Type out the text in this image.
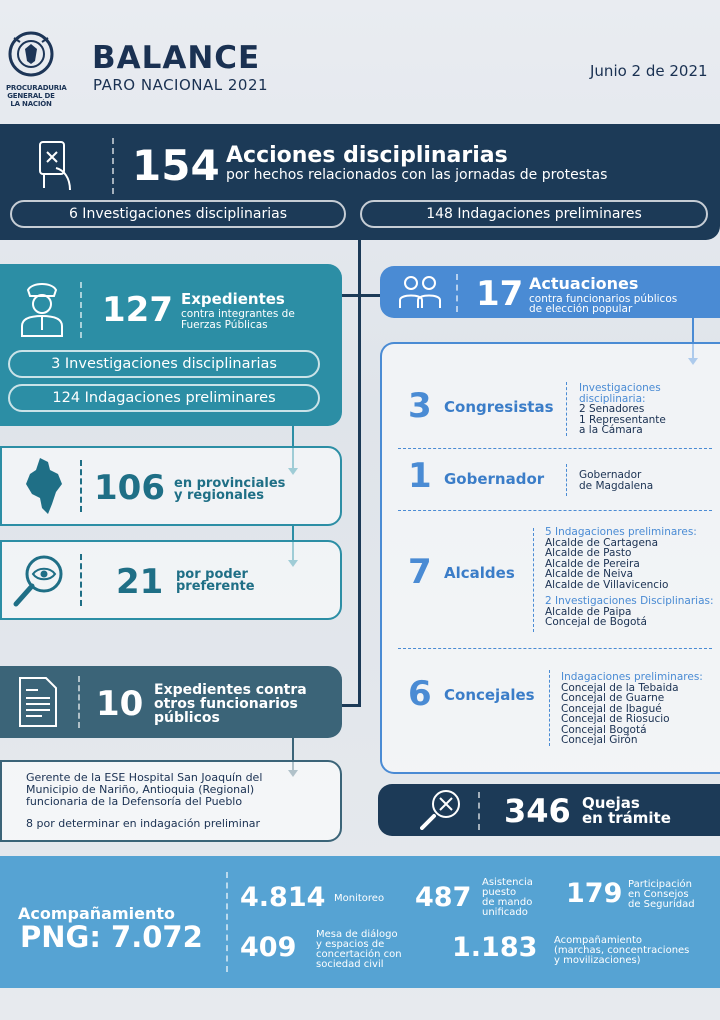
PROCURADURIA
GENERAL DE LA NACIÓN
BALANCE
PARO NACIONAL 2021
Junio 2 de 2021
154 Acciones disciplinarias
por hechos relacionados con las jornadas de protestas
6 Investigaciones disciplinarias	148 Indagaciones preliminares
127 Expedientes
contra integrantes de
Fuerzas Públicas
3 Investigaciones disciplinarias
124 Indagaciones preliminares
106 en provinciales
y regionales
21 por poder
preferente
10 Expedientes contra
otros funcionarios
públicos
Gerente de la ESE Hospital San Joaquín del
Municipio de Nariño, Antioquia (Regional)
funcionaria de la Defensoría del Pueblo
8 por determinar en indagación preliminar
17 Actuaciones
contra funcionarios públicos
de elección popular
3 Congresistas
Investigaciones
disciplinaria:
2 Senadores
1 Representante
a la Cámara
1 Gobernador	Gobernador
de Magdalena
7 Alcaldes
5 Indagaciones preliminares:
Alcalde de Cartagena
Alcalde de Pasto
Alcalde de Pereira
Alcalde de Neiva
Alcalde de Villavicencio
2 Investigaciones Disciplinarias:
Alcalde de Paipa
Concejal de Bogotá
6 Concejales
Indagaciones preliminares:
Concejal de la Tebaida
Concejal de Guarne
Concejal de Ibagué
Concejal de Riosucio
Concejal Bogotá
Concejal Girón
346 Quejas
en trámite
Acompañamiento
PNG: 7.072
4.814 Monitoreo 487 Asistencia
puesto
de mando
unificado
179 Participación
en Consejos
de Seguridad
409 Mesa de diálogo
y espacios de
concertación con
sociedad civil
1.183 Acompañamiento
(marchas, concentraciones
y movilizaciones)
